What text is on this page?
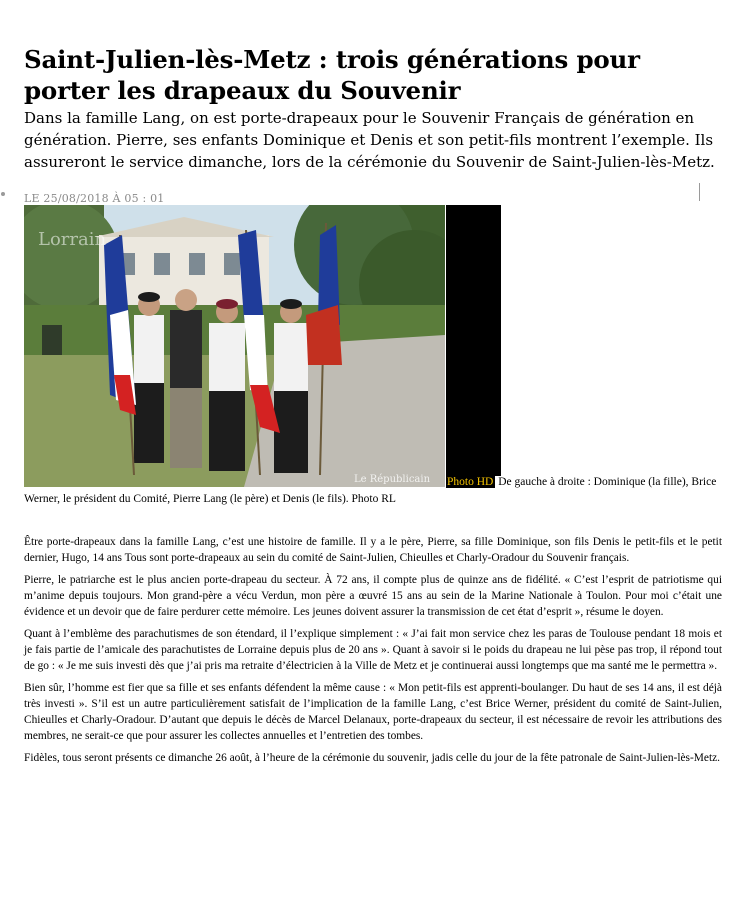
Saint-Julien-lès-Metz : trois générations pour porter les drapeaux du Souvenir

Dans la famille Lang, on est porte-drapeaux pour le Souvenir Français de génération en génération. Pierre, ses enfants Dominique et Denis et son petit-fils montrent l’exemple. Ils assureront le service dimanche, lors de la cérémonie du Souvenir de Saint-Julien-lès-Metz.

LE 25/08/2018 À 05 : 01
Lorrain
Le Républicain	Photo HD De gauche à droite : Dominique (la fille), Brice Werner, le président du Comité, Pierre Lang (le père) et Denis (le fils). Photo RL

Être porte-drapeaux dans la famille Lang, c’est une histoire de famille. Il y a le père, Pierre, sa fille Dominique, son fils Denis le petit-fils et le petit dernier, Hugo, 14 ans Tous sont porte-drapeaux au sein du comité de Saint-Julien, Chieulles et Charly-Oradour du Souvenir français.

Pierre, le patriarche est le plus ancien porte-drapeau du secteur. À 72 ans, il compte plus de quinze ans de fidélité. « C’est l’esprit de patriotisme qui m’anime depuis toujours. Mon grand-père a vécu Verdun, mon père a œuvré 15 ans au sein de la Marine Nationale à Toulon. Pour moi c’était une évidence et un devoir que de faire perdurer cette mémoire. Les jeunes doivent assurer la transmission de cet état d’esprit », résume le doyen.

Quant à l’emblème des parachutismes de son étendard, il l’explique simplement : « J’ai fait mon service chez les paras de Toulouse pendant 18 mois et je fais partie de l’amicale des parachutistes de Lorraine depuis plus de 20 ans ». Quant à savoir si le poids du drapeau ne lui pèse pas trop, il répond tout de go : « Je me suis investi dès que j’ai pris ma retraite d’électricien à la Ville de Metz et je continuerai aussi longtemps que ma santé me le permettra ».

Bien sûr, l’homme est fier que sa fille et ses enfants défendent la même cause : « Mon petit-fils est apprenti-boulanger. Du haut de ses 14 ans, il est déjà très investi ». S’il est un autre particulièrement satisfait de l’implication de la famille Lang, c’est Brice Werner, président du comité de Saint-Julien, Chieulles et Charly-Oradour. D’autant que depuis le décès de Marcel Delanaux, porte-drapeaux du secteur, il est nécessaire de revoir les attributions des membres, ne serait-ce que pour assurer les collectes annuelles et l’entretien des tombes.

Fidèles, tous seront présents ce dimanche 26 août, à l’heure de la cérémonie du souvenir, jadis celle du jour de la fête patronale de Saint-Julien-lès-Metz.
